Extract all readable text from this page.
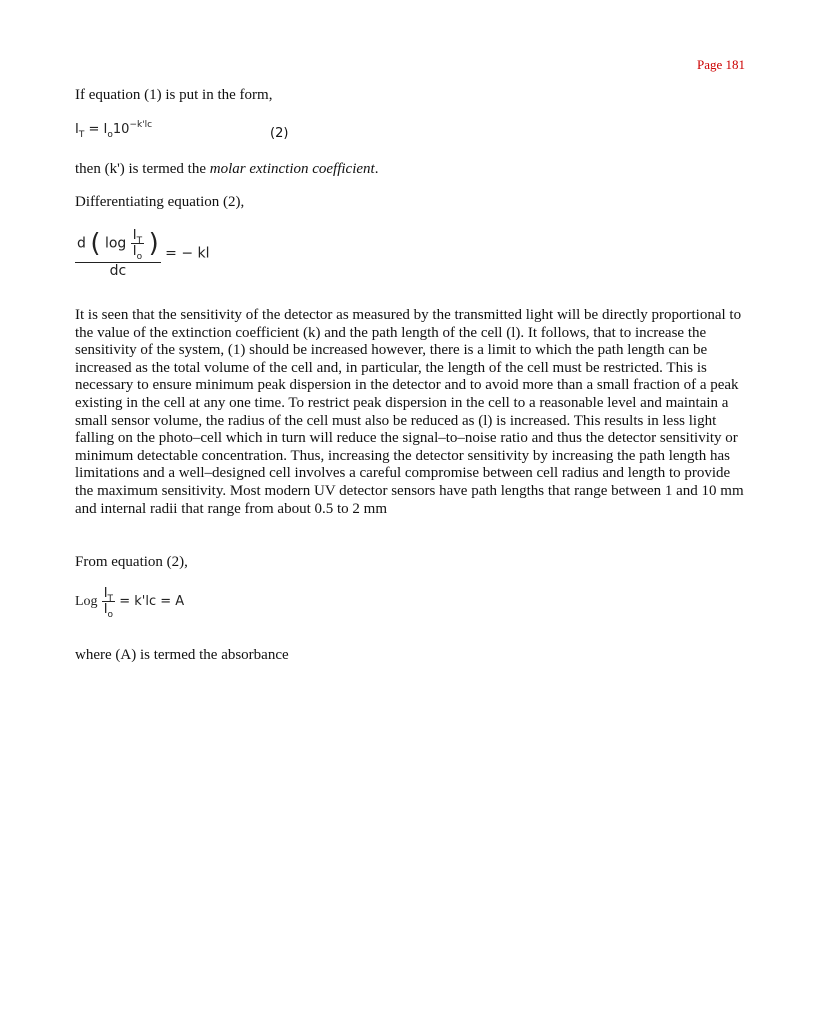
Page 181

If equation (1) is put in the form,

$I_T = I_o10^{-k'lc}$
(2)

then (k') is termed the molar extinction coefficient.

Differentiating equation (2),

d ( $\log \frac{I_T}{I_o}$ )
dc
= − kl

It is seen that the sensitivity of the detector as measured by the transmitted light will be directly proportional to the value of the extinction coefficient (k) and the path length of the cell (l). It follows, that to increase the sensitivity of the system, (1) should be increased however, there is a limit to which the path length can be increased as the total volume of the cell and, in particular, the length of the cell must be restricted. This is necessary to ensure minimum peak dispersion in the detector and to avoid more than a small fraction of a peak existing in the cell at any one time. To restrict peak dispersion in the cell to a reasonable level and maintain a small sensor volume, the radius of the cell must also be reduced as (l) is increased. This results in less light falling on the photo–cell which in turn will reduce the signal–to–noise ratio and thus the detector sensitivity or minimum detectable concentration. Thus, increasing the detector sensitivity by increasing the path length has limitations and a well–designed cell involves a careful compromise between cell radius and length to provide the maximum sensitivity. Most modern UV detector sensors have path lengths that range between 1 and 10 mm and internal radii that range from about 0.5 to 2 mm

From equation (2),

Log $\frac{I_T}{I_o} = k'lc = A$

where (A) is termed the absorbance
